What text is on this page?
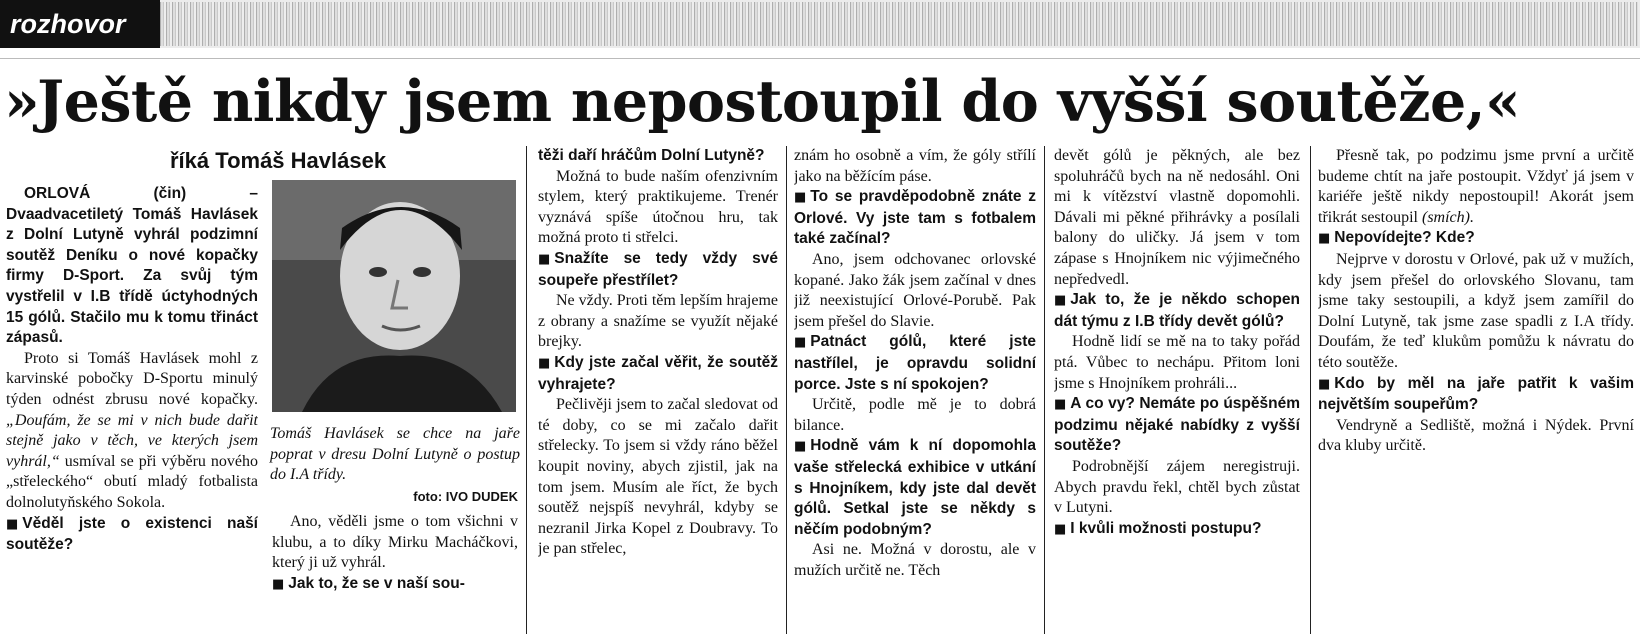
rozhovor
»Ještě nikdy jsem nepostoupil do vyšší soutěže,«
říká Tomáš Havlásek
ORLOVÁ (čin) – Dvaadvacetiletý Tomáš Havlásek z Dolní Lutyně vyhrál podzimní soutěž Deníku o nové kopačky firmy D-Sport. Za svůj tým vystřelil v I.B třídě úctyhodných 15 gólů. Stačilo mu k tomu třináct zápasů.

Proto si Tomáš Havlásek mohl z karvinské pobočky D-Sportu minulý týden odnést zbrusu nové kopačky. „Doufám, že se mi v nich bude dařit stejně jako v těch, ve kterých jsem vyhrál,“ usmíval se při výběru nového „střeleckého“ obutí mladý fotbalista dolnolutyňského Sokola.

■ Věděl jste o existenci naší soutěže?
Tomáš Havlásek se chce na jaře poprat v dresu Dolní Lutyně o postup do I.A třídy.
foto: IVO DUDEK

Ano, věděli jsme o tom všichni v klubu, a to díky Mirku Macháčkovi, který ji už vyhrál.

■ Jak to, že se v naší sou-
těži daří hráčům Dolní Lutyně?

Možná to bude naším ofenzivním stylem, který praktikujeme. Trenér vyznává spíše útočnou hru, tak možná proto ti střelci.

■ Snažíte se tedy vždy své soupeře přestřílet?

Ne vždy. Proti těm lepším hrajeme z obrany a snažíme se využít nějaké brejky.

■ Kdy jste začal věřit, že soutěž vyhrajete?

Pečlivěji jsem to začal sledovat od té doby, co se mi začalo dařit střelecky. To jsem si vždy ráno běžel koupit noviny, abych zjistil, jak na tom jsem. Musím ale říct, že bych soutěž nejspíš nevyhrál, kdyby se nezranil Jirka Kopel z Doubravy. To je pan střelec,

znám ho osobně a vím, že góly střílí jako na běžícím páse.
■ To se pravděpodobně znáte z Orlové. Vy jste tam s fotbalem také začínal?

Ano, jsem odchovanec orlovské kopané. Jako žák jsem začínal v dnes již neexistující Orlové-Porubě. Pak jsem přešel do Slavie.

■ Patnáct gólů, které jste nastřílel, je opravdu solidní porce. Jste s ní spokojen?

Určitě, podle mě je to dobrá bilance.

■ Hodně vám k ní dopomohla vaše střelecká exhibice v utkání s Hnojníkem, kdy jste dal devět gólů. Setkal jste se někdy s něčím podobným?

Asi ne. Možná v dorostu, ale v mužích určitě ne. Těch

devět gólů je pěkných, ale bez spoluhráčů bych na ně nedosáhl. Oni mi k vítězství vlastně dopomohli. Dávali mi pěkné přihrávky a posílali balony do uličky. Já jsem v tom zápase s Hnojníkem nic výjimečného nepředvedl.
■ Jak to, že je někdo schopen dát týmu z I.B třídy devět gólů?

Hodně lidí se mě na to taky pořád ptá. Vůbec to nechápu. Přitom loni jsme s Hnojníkem prohráli...

■ A co vy? Nemáte po úspěšném podzimu nějaké nabídky z vyšší soutěže?

Podrobnější zájem neregistruji. Abych pravdu řekl, chtěl bych zůstat v Lutyni.

■ I kvůli možnosti postupu?

Přesně tak, po podzimu jsme první a určitě budeme chtít na jaře postoupit. Vždyť já jsem v kariéře ještě nikdy nepostoupil! Akorát jsem třikrát sestoupil (smích).

■ Nepovídejte? Kde?

Nejprve v dorostu v Orlové, pak už v mužích, kdy jsem přešel do orlovského Slovanu, tam jsme taky sestoupili, a když jsem zamířil do Dolní Lutyně, tak jsme zase spadli z I.A třídy. Doufám, že teď klukům pomůžu k návratu do této soutěže.

■ Kdo by měl na jaře patřit k vašim největším soupeřům?

Vendryně a Sedliště, možná i Nýdek. První dva kluby určitě.
